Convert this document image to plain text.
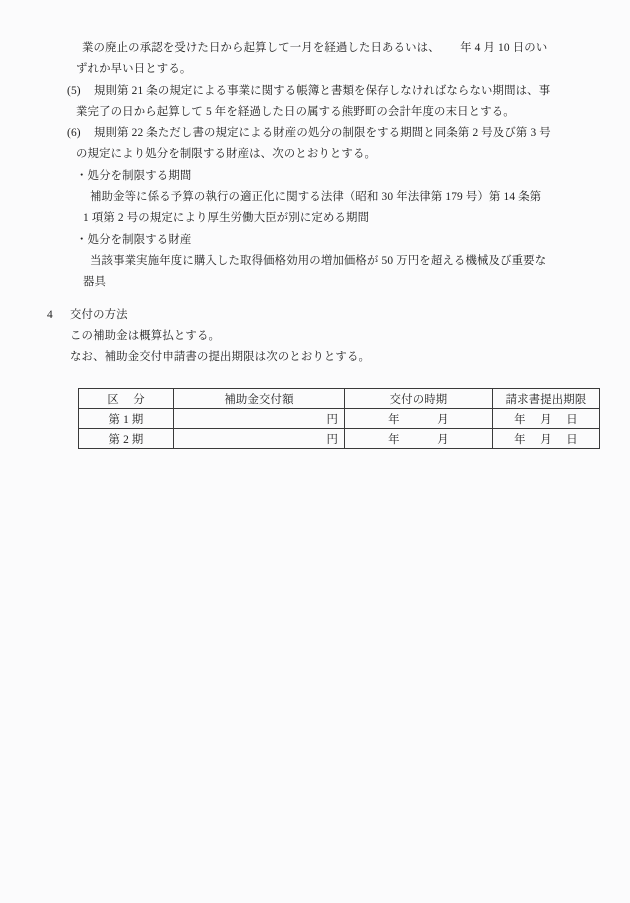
業の廃止の承認を受けた日から起算して一月を経過した日あるいは、　　 年 4 月 10 日のい
ずれか早い日とする。
(5) 規則第 21 条の規定による事業に関する帳簿と書類を保存しなければならない期間は、事
業完了の日から起算して 5 年を経過した日の属する熊野町の会計年度の末日とする。
(6) 規則第 22 条ただし書の規定による財産の処分の制限をする期間と同条第 2 号及び第 3 号
の規定により処分を制限する財産は、次のとおりとする。
・処分を制限する期間
補助金等に係る予算の執行の適正化に関する法律（昭和 30 年法律第 179 号）第 14 条第
1 項第 2 号の規定により厚生労働大臣が別に定める期間
・処分を制限する財産
当該事業実施年度に購入した取得価格効用の増加価格が 50 万円を超える機械及び重要な
器具
4 交付の方法
この補助金は概算払とする。
なお、補助金交付申請書の提出期限は次のとおりとする。
区　 分	補助金交付額	交付の時期	請求書提出期限
第 1 期	円	年　　　 月	年　 月　 日
第 2 期	円	年　　　 月	年　 月　 日
